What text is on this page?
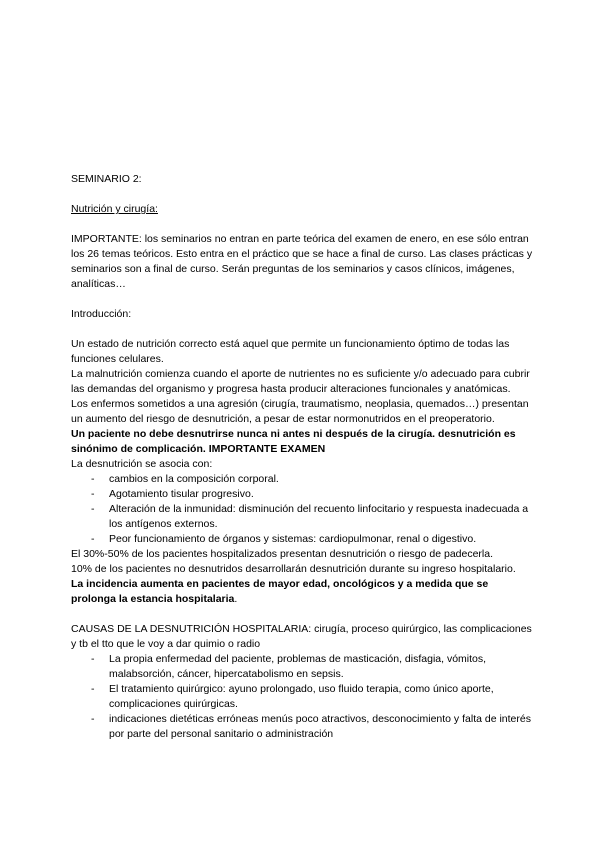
SEMINARIO 2:

Nutrición y cirugía:

IMPORTANTE: los seminarios no entran en parte teórica del examen de enero, en ese sólo entran los 26 temas teóricos. Esto entra en el práctico que se hace a final de curso. Las clases prácticas y seminarios son a final de curso. Serán preguntas de los seminarios y casos clínicos, imágenes, analíticas…

Introducción:

Un estado de nutrición correcto está aquel que permite un funcionamiento óptimo de todas las funciones celulares.

La malnutrición comienza cuando el aporte de nutrientes no es suficiente y/o adecuado para cubrir las demandas del organismo y progresa hasta producir alteraciones funcionales y anatómicas.

Los enfermos sometidos a una agresión (cirugía, traumatismo, neoplasia, quemados…) presentan un aumento del riesgo de desnutrición, a pesar de estar normonutridos en el preoperatorio.

Un paciente no debe desnutrirse nunca ni antes ni después de la cirugía. desnutrición es sinónimo de complicación. IMPORTANTE EXAMEN

La desnutrición se asocia con:

- cambios en la composición corporal.
- Agotamiento tisular progresivo.
- Alteración de la inmunidad: disminución del recuento linfocitario y respuesta inadecuada a los antígenos externos.
- Peor funcionamiento de órganos y sistemas: cardiopulmonar, renal o digestivo.

El 30%-50% de los pacientes hospitalizados presentan desnutrición o riesgo de padecerla.

10% de los pacientes no desnutridos desarrollarán desnutrición durante su ingreso hospitalario.

La incidencia aumenta en pacientes de mayor edad, oncológicos y a medida que se prolonga la estancia hospitalaria.

CAUSAS DE LA DESNUTRICIÓN HOSPITALARIA: cirugía, proceso quirúrgico, las complicaciones y tb el tto que le voy a dar quimio o radio

- La propia enfermedad del paciente, problemas de masticación, disfagia, vómitos, malabsorción, cáncer, hipercatabolismo en sepsis.
- El tratamiento quirúrgico: ayuno prolongado, uso fluido terapia, como único aporte, complicaciones quirúrgicas.
- indicaciones dietéticas erróneas menús poco atractivos, desconocimiento y falta de interés por parte del personal sanitario o administración
